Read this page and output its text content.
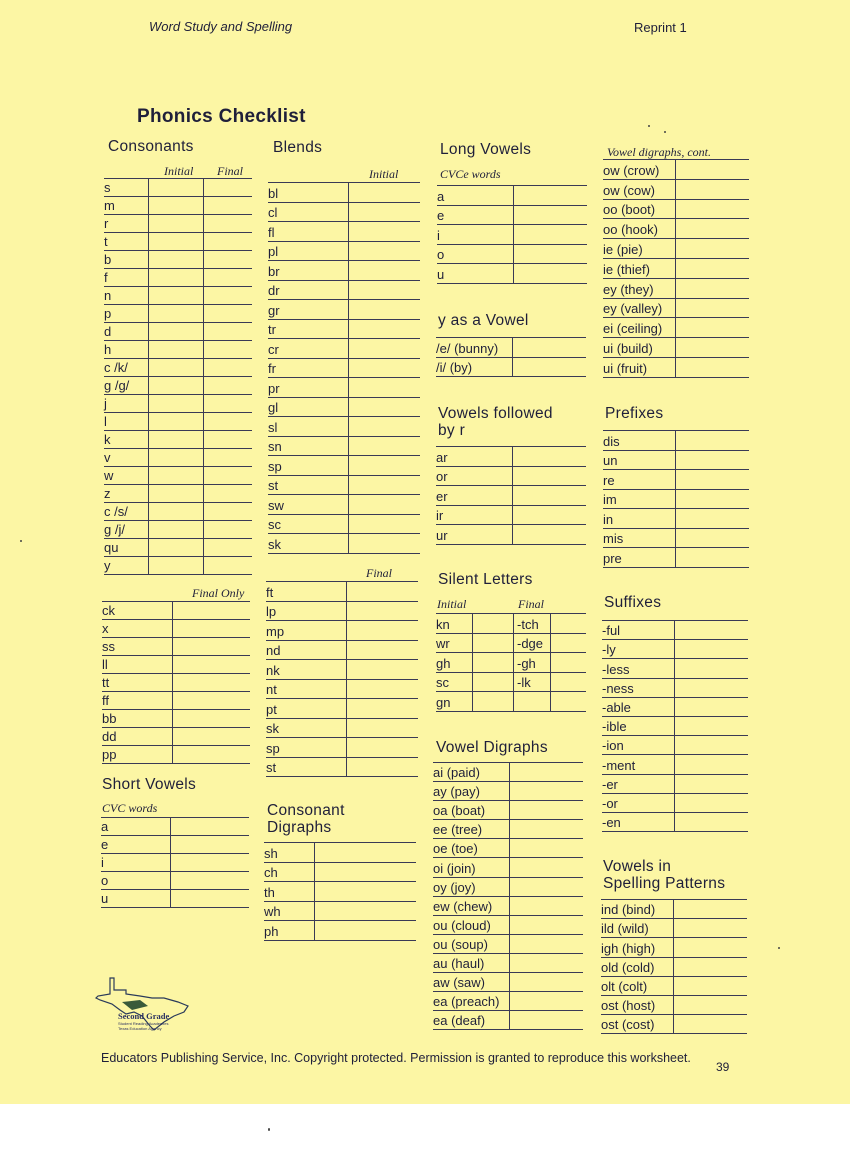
Word Study and Spelling	Reprint 1
Phonics Checklist
Consonants
Initial Final
s
m
r
t
b
f
n
p
d
h
c /k/
g /g/
j
l
k
v
w
z
c /s/
g /j/
qu
y
Final Only
ck
x
ss
ll
tt
ff
bb
dd
pp
Short Vowels
CVC words
a
e
i
o
u
Blends
Initial
bl
cl
fl
pl
br
dr
gr
tr
cr
fr
pr
gl
sl
sn
sp
st
sw
sc
sk
Final
ft
lp
mp
nd
nk
nt
pt
sk
sp
st
Consonant
Digraphs
sh
ch
th
wh
ph
Long Vowels
CVCe words
a
e
i
o
u
y as a Vowel
/e/ (bunny)
/i/ (by)
Vowels followed
by r
ar
or
er
ir
ur
Silent Letters
Initial	Final
kn	-tch
wr	-dge
gh	-gh
sc	-lk
gn
Vowel Digraphs
ai (paid)
ay (pay)
oa (boat)
ee (tree)
oe (toe)
oi (join)
oy (joy)
ew (chew)
ou (cloud)
ou (soup)
au (haul)
aw (saw)
ea (preach)
ea (deaf)
Vowel digraphs, cont.
ow (crow)
ow (cow)
oo (boot)
oo (hook)
ie (pie)
ie (thief)
ey (they)
ey (valley)
ei (ceiling)
ui (build)
ui (fruit)
Prefixes
dis
un
re
im
in
mis
pre
Suffixes
-ful
-ly
-less
-ness
-able
-ible
-ion
-ment
-er
-or
-en
Vowels in
Spelling Patterns
ind (bind)
ild (wild)
igh (high)
old (cold)
olt (colt)
ost (host)
ost (cost)
Second Grade
Student Reading Academies
Texas Education Agency
Educators Publishing Service, Inc. Copyright protected. Permission is granted to reproduce this worksheet.
39
